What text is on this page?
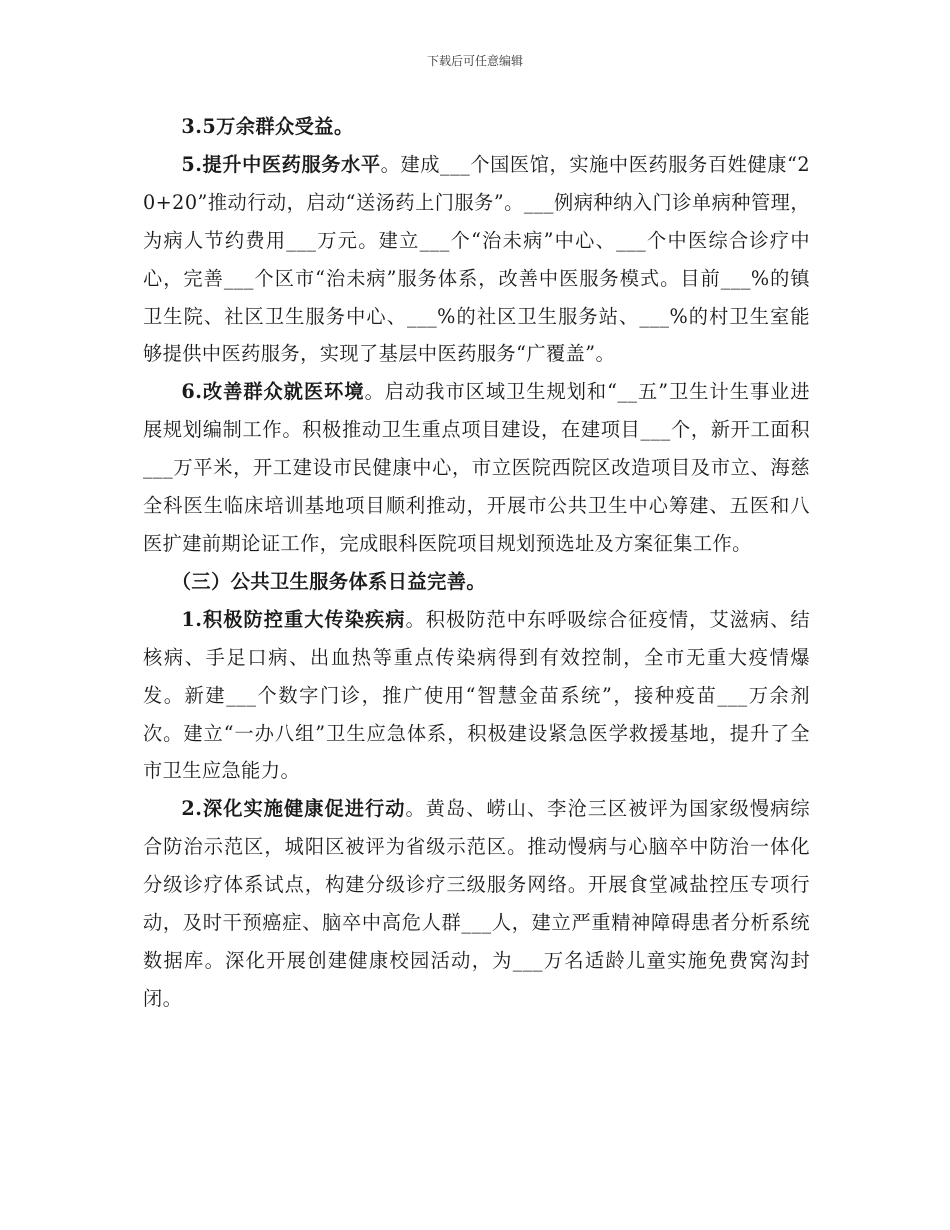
下载后可任意编辑

3.5万余群众受益。

5.提升中医药服务水平。建成___个国医馆，实施中医药服务百姓健康“20+20”推动行动，启动“送汤药上门服务”。___例病种纳入门诊单病种管理，为病人节约费用___万元。建立___个“治未病”中心、___个中医综合诊疗中心，完善___个区市“治未病”服务体系，改善中医服务模式。目前___%的镇卫生院、社区卫生服务中心、___%的社区卫生服务站、___%的村卫生室能够提供中医药服务，实现了基层中医药服务“广覆盖”。

6.改善群众就医环境。启动我市区域卫生规划和“__五”卫生计生事业进展规划编制工作。积极推动卫生重点项目建设，在建项目___个，新开工面积___万平米，开工建设市民健康中心，市立医院西院区改造项目及市立、海慈全科医生临床培训基地项目顺利推动，开展市公共卫生中心筹建、五医和八医扩建前期论证工作，完成眼科医院项目规划预选址及方案征集工作。

（三）公共卫生服务体系日益完善。

1.积极防控重大传染疾病。积极防范中东呼吸综合征疫情，艾滋病、结核病、手足口病、出血热等重点传染病得到有效控制，全市无重大疫情爆发。新建___个数字门诊，推广使用“智慧金苗系统”，接种疫苗___万余剂次。建立“一办八组”卫生应急体系，积极建设紧急医学救援基地，提升了全市卫生应急能力。

2.深化实施健康促进行动。黄岛、崂山、李沧三区被评为国家级慢病综合防治示范区，城阳区被评为省级示范区。推动慢病与心脑卒中防治一体化分级诊疗体系试点，构建分级诊疗三级服务网络。开展食堂减盐控压专项行动，及时干预癌症、脑卒中高危人群___人，建立严重精神障碍患者分析系统数据库。深化开展创建健康校园活动，为___万名适龄儿童实施免费窝沟封闭。
